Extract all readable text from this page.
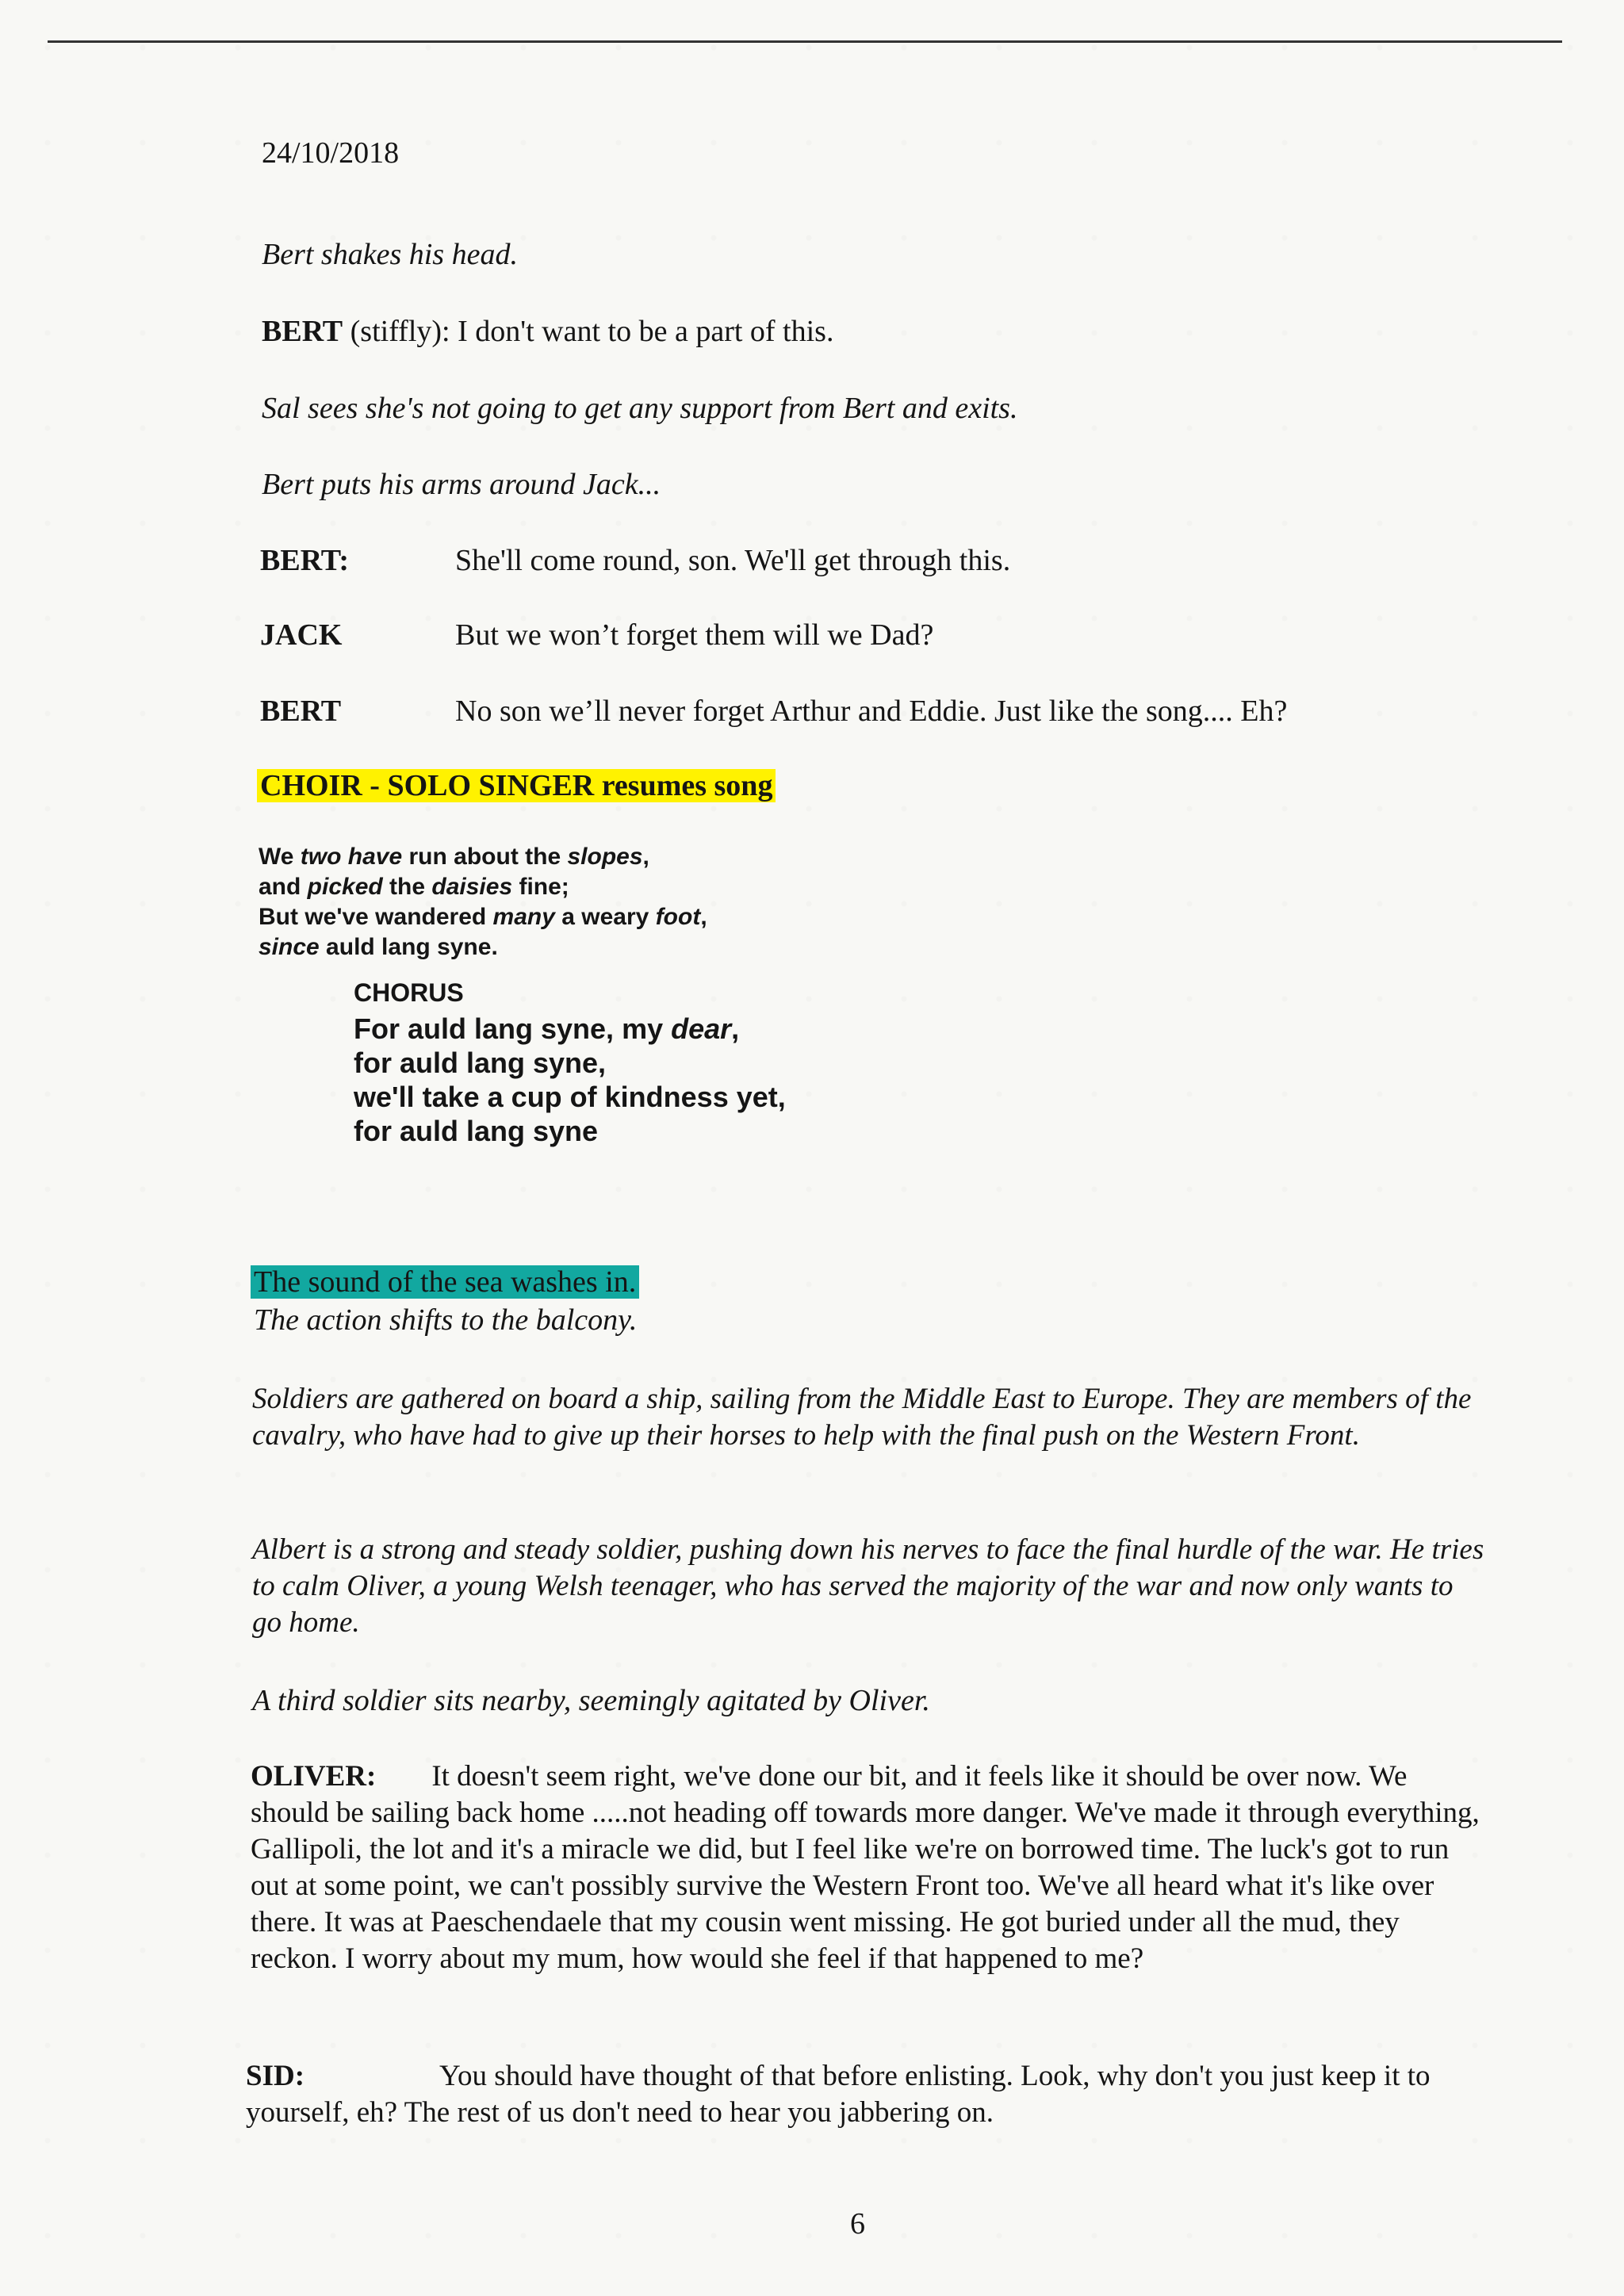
24/10/2018
Bert shakes his head.
BERT (stiffly): I don't want to be a part of this.
Sal sees she's not going to get any support from Bert and exits.
Bert puts his arms around Jack...
BERT:	She'll come round, son. We'll get through this.
JACK	But we won’t forget them will we Dad?
BERT	No son we’ll never forget Arthur and Eddie. Just like the song.... Eh?
CHOIR - SOLO SINGER resumes song
We two have run about the slopes,
and picked the daisies fine;
But we've wandered many a weary foot,
since auld lang syne.
CHORUS
For auld lang syne, my dear,
for auld lang syne,
we'll take a cup of kindness yet,
for auld lang syne
The sound of the sea washes in.
The action shifts to the balcony.
Soldiers are gathered on board a ship, sailing from the Middle East to Europe. They are members of the cavalry, who have had to give up their horses to help with the final push on the Western Front.
Albert is a strong and steady soldier, pushing down his nerves to face the final hurdle of the war. He tries to calm Oliver, a young Welsh teenager, who has served the majority of the war and now only wants to go home.
A third soldier sits nearby, seemingly agitated by Oliver.
OLIVER: It doesn't seem right, we've done our bit, and it feels like it should be over now. We should be sailing back home .....not heading off towards more danger. We've made it through everything, Gallipoli, the lot and it's a miracle we did, but I feel like we're on borrowed time. The luck's got to run out at some point, we can't possibly survive the Western Front too. We've all heard what it's like over there. It was at Paeschendaele that my cousin went missing. He got buried under all the mud, they reckon. I worry about my mum, how would she feel if that happened to me?
SID:	You should have thought of that before enlisting. Look, why don't you just keep it to yourself, eh? The rest of us don't need to hear you jabbering on.
6
